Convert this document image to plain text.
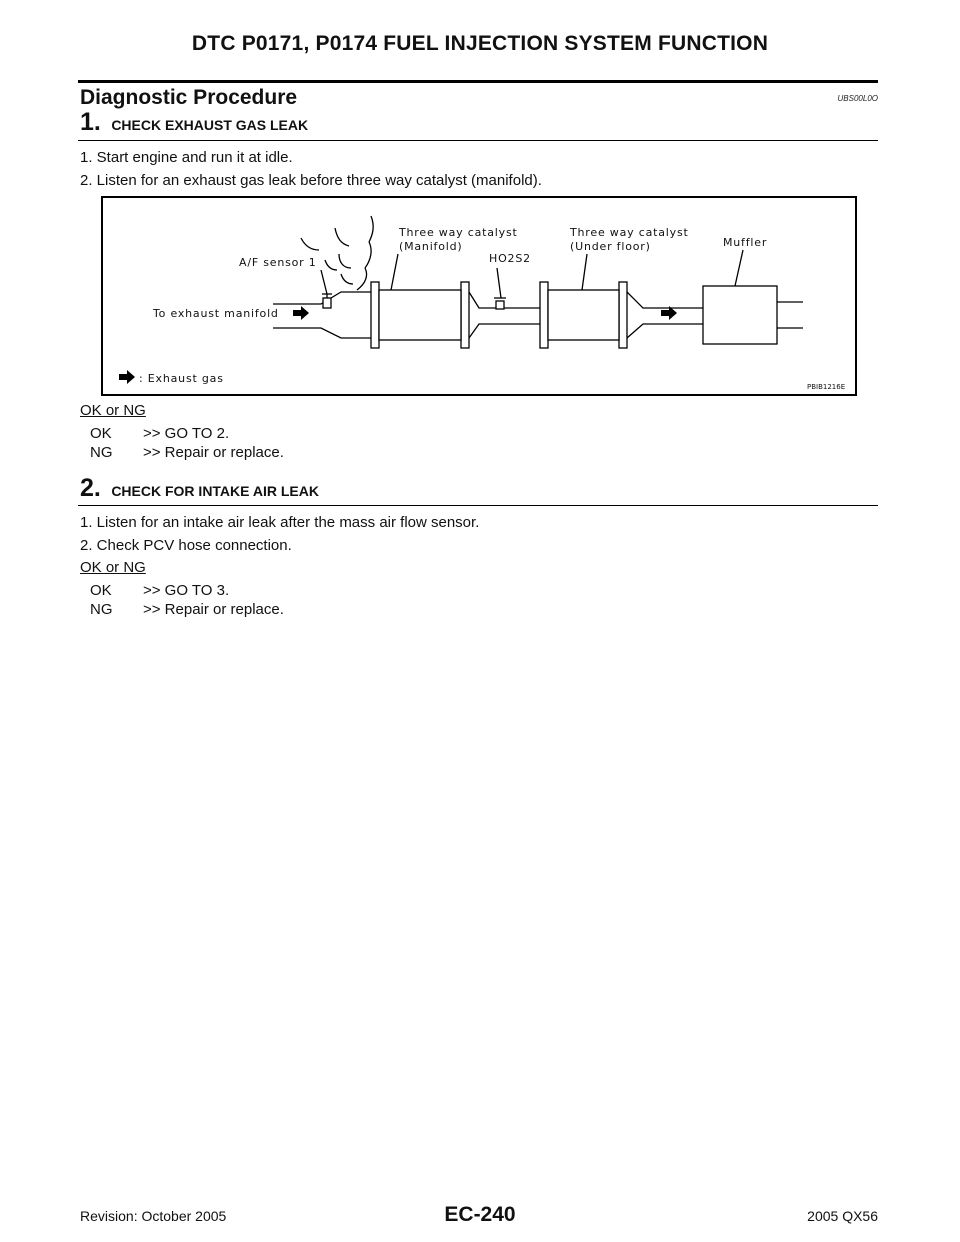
DTC P0171, P0174 FUEL INJECTION SYSTEM FUNCTION
Diagnostic Procedure	UBS00L0O
1. CHECK EXHAUST GAS LEAK
1. Start engine and run it at idle.
2. Listen for an exhaust gas leak before three way catalyst (manifold).
A/F sensor 1
To exhaust manifold
Three way catalyst
(Manifold)
HO2S2
Three way catalyst
(Under floor)	Muffler
: Exhaust gas
PBIB1216E
OK or NG
OK >> GO TO 2.
NG >> Repair or replace.
2. CHECK FOR INTAKE AIR LEAK
1. Listen for an intake air leak after the mass air flow sensor.
2. Check PCV hose connection.
OK or NG
OK >> GO TO 3.
NG >> Repair or replace.
Revision: October 2005	EC-240	2005 QX56
